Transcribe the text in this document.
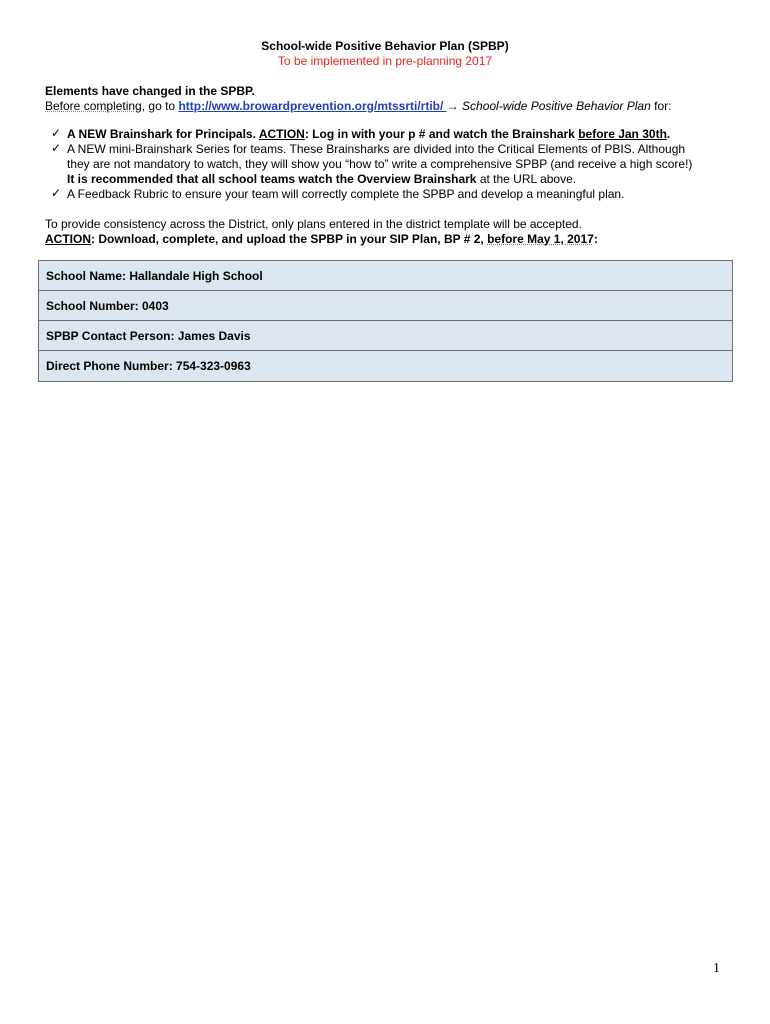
School-wide Positive Behavior Plan (SPBP)
To be implemented in pre-planning 2017
Elements have changed in the SPBP.
Before completing, go to http://www.browardprevention.org/mtssrti/rtib/ → School-wide Positive Behavior Plan for:
✓ A NEW Brainshark for Principals. ACTION: Log in with your p # and watch the Brainshark before Jan 30th.
✓ A NEW mini-Brainshark Series for teams. These Brainsharks are divided into the Critical Elements of PBIS. Although
they are not mandatory to watch, they will show you “how to” write a comprehensive SPBP (and receive a high score!)
It is recommended that all school teams watch the Overview Brainshark at the URL above.
✓ A Feedback Rubric to ensure your team will correctly complete the SPBP and develop a meaningful plan.
To provide consistency across the District, only plans entered in the district template will be accepted.
ACTION: Download, complete, and upload the SPBP in your SIP Plan, BP # 2, before May 1, 2017:
School Name: Hallandale High School
School Number: 0403
SPBP Contact Person: James Davis
Direct Phone Number: 754-323-0963
1
